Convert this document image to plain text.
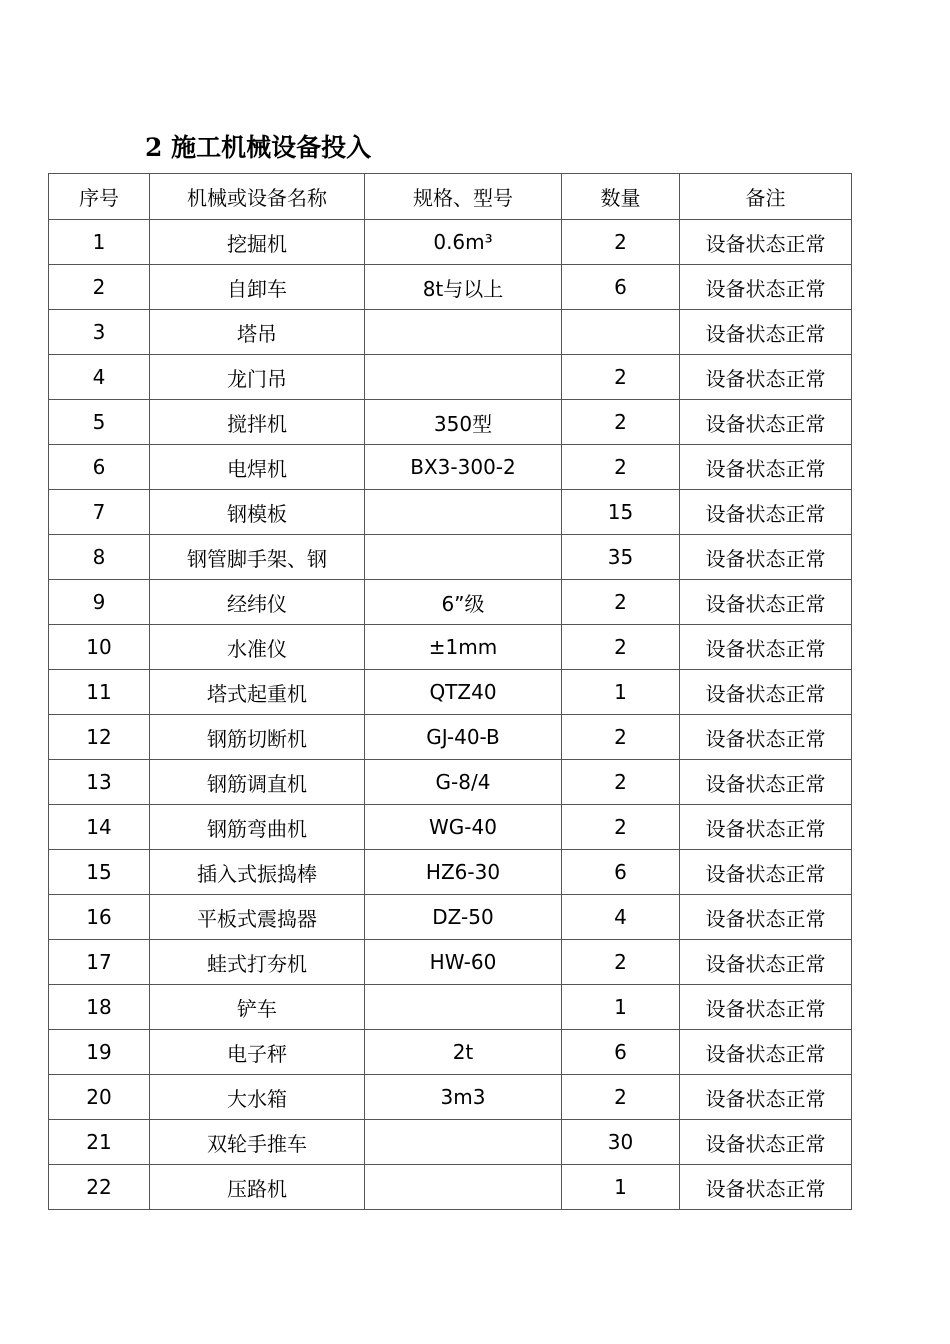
2 施工机械设备投入
序号	机械或设备名称	规格、型号	数量	备注
1	挖掘机	0.6m³	2	设备状态正常
2	自卸车	8t与以上	6	设备状态正常
3	塔吊			设备状态正常
4	龙门吊		2	设备状态正常
5	搅拌机	350型	2	设备状态正常
6	电焊机	BX3-300-2	2	设备状态正常
7	钢模板		15	设备状态正常
8	钢管脚手架、钢		35	设备状态正常
9	经纬仪	6”级	2	设备状态正常
10	水准仪	±1mm	2	设备状态正常
11	塔式起重机	QTZ40	1	设备状态正常
12	钢筋切断机	GJ-40-B	2	设备状态正常
13	钢筋调直机	G-8/4	2	设备状态正常
14	钢筋弯曲机	WG-40	2	设备状态正常
15	插入式振捣棒	HZ6-30	6	设备状态正常
16	平板式震捣器	DZ-50	4	设备状态正常
17	蛙式打夯机	HW-60	2	设备状态正常
18	铲车		1	设备状态正常
19	电子秤	2t	6	设备状态正常
20	大水箱	3m3	2	设备状态正常
21	双轮手推车		30	设备状态正常
22	压路机		1	设备状态正常
